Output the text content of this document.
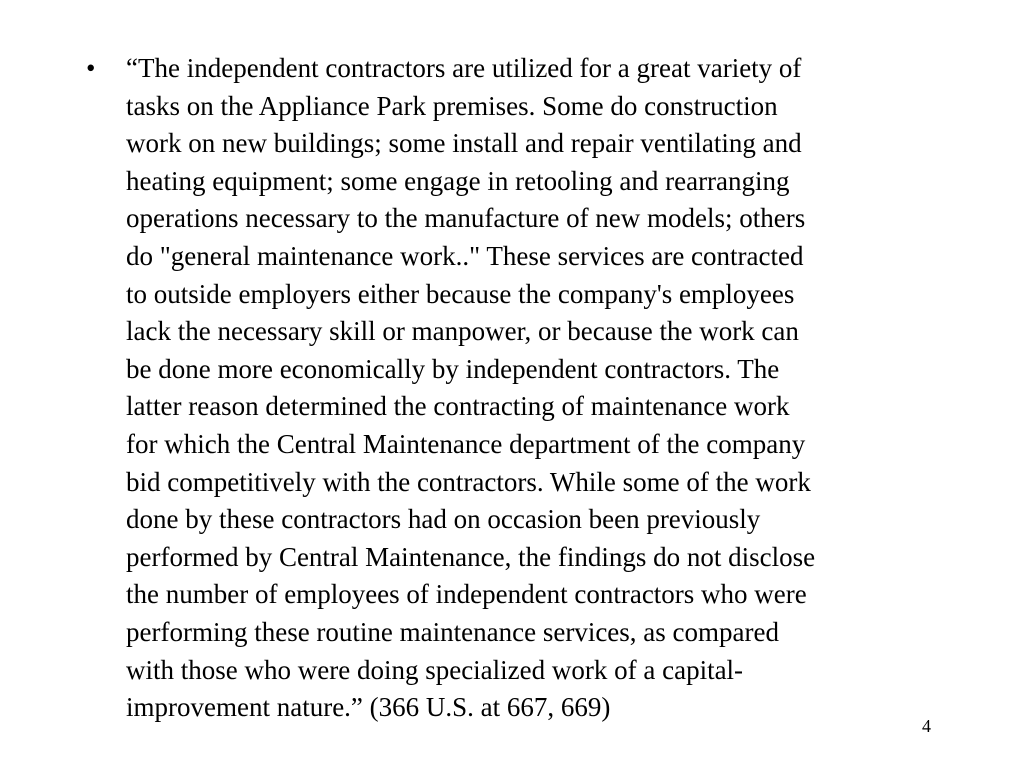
• “The independent contractors are utilized for a great variety of
tasks on the Appliance Park premises. Some do construction
work on new buildings; some install and repair ventilating and
heating equipment; some engage in retooling and rearranging
operations necessary to the manufacture of new models; others
do "general maintenance work.." These services are contracted
to outside employers either because the company's employees
lack the necessary skill or manpower, or because the work can
be done more economically by independent contractors. The
latter reason determined the contracting of maintenance work
for which the Central Maintenance department of the company
bid competitively with the contractors. While some of the work
done by these contractors had on occasion been previously
performed by Central Maintenance, the findings do not disclose
the number of employees of independent contractors who were
performing these routine maintenance services, as compared
with those who were doing specialized work of a capital-
improvement nature.” (366 U.S. at 667, 669)
4
